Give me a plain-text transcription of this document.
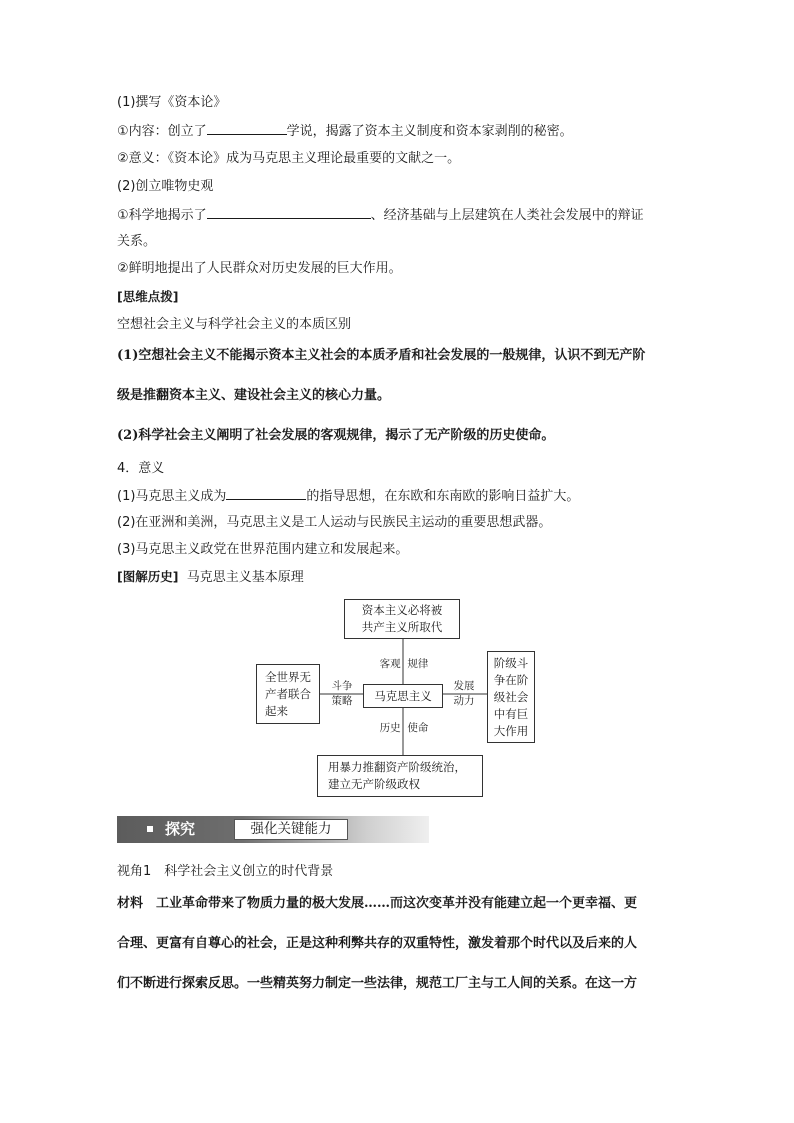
(1)撰写《资本论》
①内容：创立了	学说，揭露了资本主义制度和资本家剥削的秘密。
②意义：《资本论》成为马克思主义理论最重要的文献之一。
(2)创立唯物史观
①科学地揭示了	、经济基础与上层建筑在人类社会发展中的辩证
关系。
②鲜明地提出了人民群众对历史发展的巨大作用。
[思维点拨]
空想社会主义与科学社会主义的本质区别
(1)空想社会主义不能揭示资本主义社会的本质矛盾和社会发展的一般规律，认识不到无产阶
级是推翻资本主义、建设社会主义的核心力量。
(2)科学社会主义阐明了社会发展的客观规律，揭示了无产阶级的历史使命。
4．意义
(1)马克思主义成为	的指导思想，在东欧和东南欧的影响日益扩大。
(2)在亚洲和美洲，马克思主义是工人运动与民族民主运动的重要思想武器。
(3)马克思主义政党在世界范围内建立和发展起来。
[图解历史] 马克思主义基本原理
资本主义必将被
共产主义所取代
马克思主义
全世界无
产者联合
起来
阶级斗
争在阶
级社会
中有巨
大作用
用暴力推翻资产阶级统治，
建立无产阶级政权
客观  规律
历史  使命
斗争
策略
发展
动力
探究	强化关键能力
视角1　科学社会主义创立的时代背景
材料　工业革命带来了物质力量的极大发展……而这次变革并没有能建立起一个更幸福、更
合理、更富有自尊心的社会，正是这种利弊共存的双重特性，激发着那个时代以及后来的人
们不断进行探索反思。一些精英努力制定一些法律，规范工厂主与工人间的关系。在这一方
